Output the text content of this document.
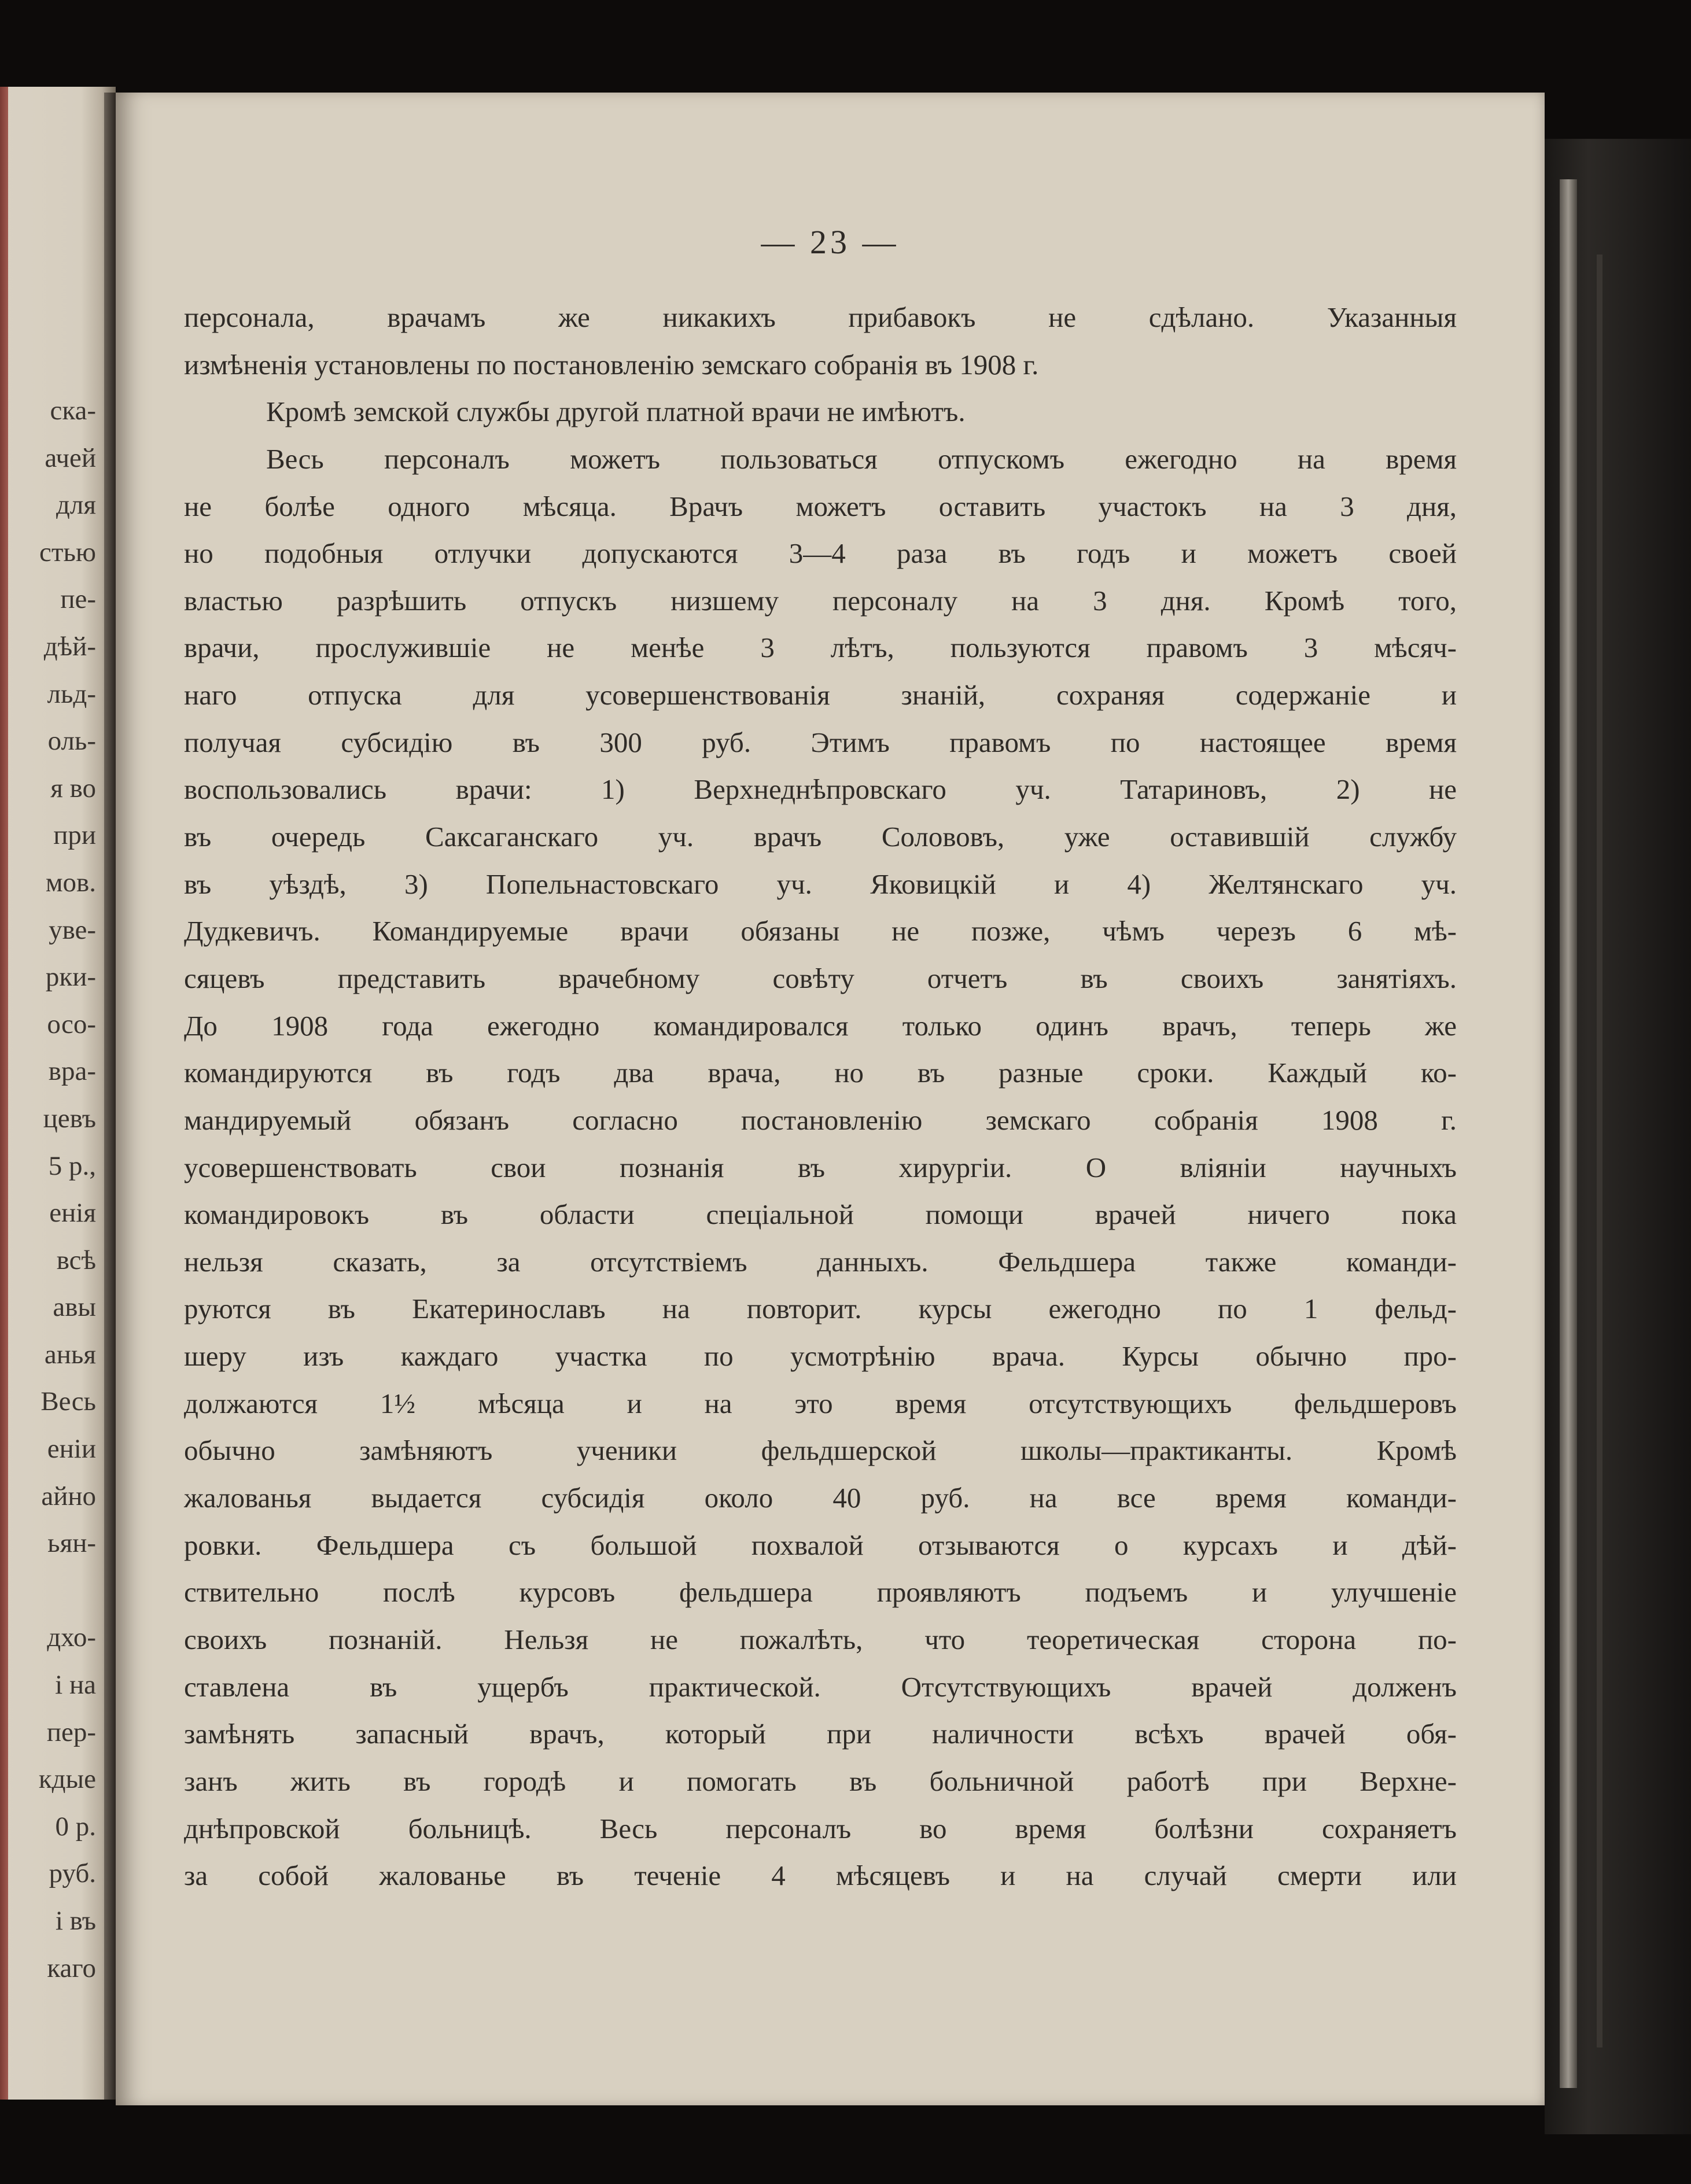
ска-
ачей
для
стью
пе-
дѣй-
льд-
оль-
я во
при
мов.
уве-
рки-
осо-
вра-
цевъ
5 р.,
енія
всѣ
авы
анья
Весь
еніи
айно
ьян-
дхо-
і на
пер-
кдые
0 р.
руб.
і въ
каго
— 23 —
персонала, врачамъ же никакихъ прибавокъ не сдѣлано. Указанныя
измѣненія установлены по постановленію земскаго собранія въ 1908 г.
Кромѣ земской службы другой платной врачи не имѣютъ.
Весь персоналъ можетъ пользоваться отпускомъ ежегодно на время
не болѣе одного мѣсяца. Врачъ можетъ оставить участокъ на 3 дня,
но подобныя отлучки допускаются 3—4 раза въ годъ и можетъ своей
властью разрѣшить отпускъ низшему персоналу на 3 дня. Кромѣ того,
врачи, прослужившіе не менѣе 3 лѣтъ, пользуются правомъ 3 мѣсяч-
наго отпуска для усовершенствованія знаній, сохраняя содержаніе и
получая субсидію въ 300 руб. Этимъ правомъ по настоящее время
воспользовались врачи: 1) Верхнеднѣпровскаго уч. Татариновъ, 2) не
въ очередь Саксаганскаго уч. врачъ Солововъ, уже оставившій службу
въ уѣздѣ, 3) Попельнастовскаго уч. Яковицкій и 4) Желтянскаго уч.
Дудкевичъ. Командируемые врачи обязаны не позже, чѣмъ черезъ 6 мѣ-
сяцевъ представить врачебному совѣту отчетъ въ своихъ занятіяхъ.
До 1908 года ежегодно командировался только одинъ врачъ, теперь же
командируются въ годъ два врача, но въ разные сроки. Каждый ко-
мандируемый обязанъ согласно постановленію земскаго собранія 1908 г.
усовершенствовать свои познанія въ хирургіи. О вліяніи научныхъ
командировокъ въ области спеціальной помощи врачей ничего пока
нельзя сказать, за отсутствіемъ данныхъ. Фельдшера также команди-
руются въ Екатеринославъ на повторит. курсы ежегодно по 1 фельд-
шеру изъ каждаго участка по усмотрѣнію врача. Курсы обычно про-
должаются 1½ мѣсяца и на это время отсутствующихъ фельдшеровъ
обычно замѣняютъ ученики фельдшерской школы—практиканты. Кромѣ
жалованья выдается субсидія около 40 руб. на все время команди-
ровки. Фельдшера съ большой похвалой отзываются о курсахъ и дѣй-
ствительно послѣ курсовъ фельдшера проявляютъ подъемъ и улучшеніе
своихъ познаній. Нельзя не пожалѣть, что теоретическая сторона по-
ставлена въ ущербъ практической. Отсутствующихъ врачей долженъ
замѣнять запасный врачъ, который при наличности всѣхъ врачей обя-
занъ жить въ городѣ и помогать въ больничной работѣ при Верхне-
днѣпровской больницѣ. Весь персоналъ во время болѣзни сохраняетъ
за собой жалованье въ теченіе 4 мѣсяцевъ и на случай смерти или
